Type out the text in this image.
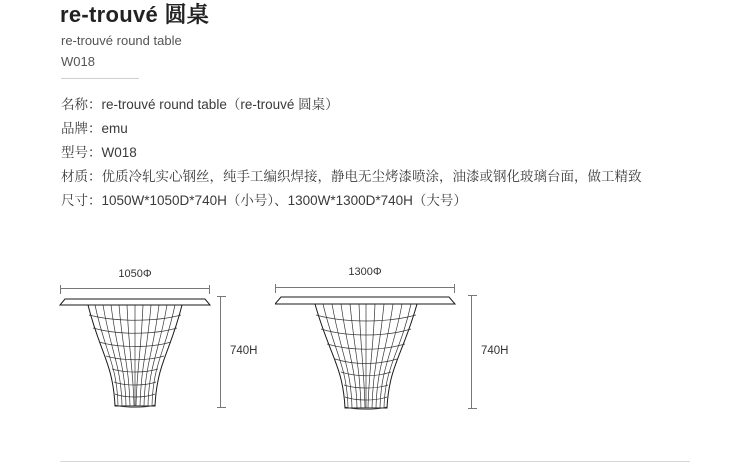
re-trouvé 圆桌
re-trouvé round table
W018
名称：re-trouvé round table（re-trouvé 圆桌）
品牌：emu
型号：W018
材质：优质冷轧实心钢丝，纯手工编织焊接，静电无尘烤漆喷涂，油漆或钢化玻璃台面，做工精致
尺寸：1050W*1050D*740H（小号）、1300W*1300D*740H（大号）
1050Φ
740H
1300Φ
740H
